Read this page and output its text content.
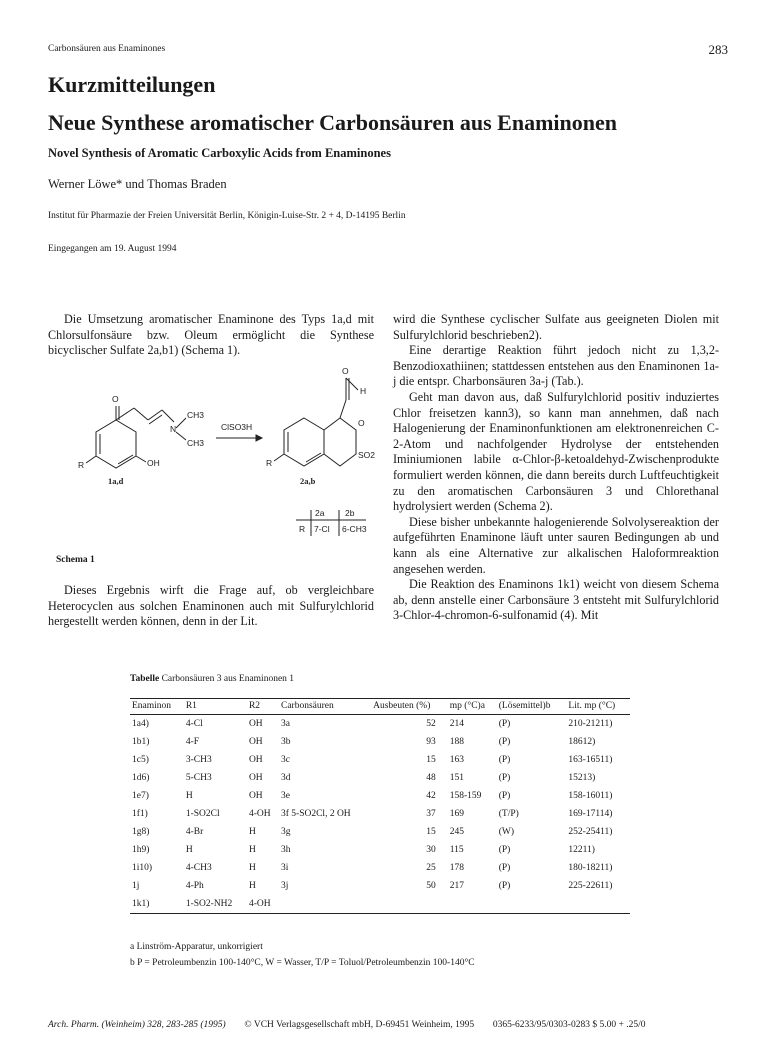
Carbonsäuren aus Enaminones	283
Kurzmitteilungen
Neue Synthese aromatischer Carbonsäuren aus Enaminonen
Novel Synthesis of Aromatic Carboxylic Acids from Enaminones
Werner Löwe* und Thomas Braden
Institut für Pharmazie der Freien Universität Berlin, Königin-Luise-Str. 2 + 4, D-14195 Berlin
Eingegangen am 19. August 1994

Die Umsetzung aromatischer Enaminone des Typs 1a,d mit Chlorsulfonsäure bzw. Oleum ermöglicht die Synthese bicyclischer Sulfate 2a,b1) (Schema 1).

O
OH
R
N
CH3
CH3
ClSO3H
O
H
O
SO2
R
2a 2b
R 7-Cl 6-CH3
1a,d	2a,b
Schema 1

Dieses Ergebnis wirft die Frage auf, ob vergleichbare Heterocyclen aus solchen Enaminonen auch mit Sulfurylchlorid hergestellt werden können, denn in der Lit.

wird die Synthese cyclischer Sulfate aus geeigneten Diolen mit Sulfurylchlorid beschrieben2).

Eine derartige Reaktion führt jedoch nicht zu 1,3,2-Benzodioxathiinen; stattdessen entstehen aus den Enaminonen 1a-j die entspr. Charbonsäuren 3a-j (Tab.).

Geht man davon aus, daß Sulfurylchlorid positiv induziertes Chlor freisetzen kann3), so kann man annehmen, daß nach Halogenierung der Enaminonfunktionen am elektronenreichen C-2-Atom und nachfolgender Hydrolyse der entstehenden Iminiumionen labile α-Chlor-β-ketoaldehyd-Zwischenprodukte formuliert werden können, die dann bereits durch Luftfeuchtigkeit zu den aromatischen Carbonsäuren 3 und Chlorethanal hydrolysiert werden (Schema 2).

Diese bisher unbekannte halogenierende Solvolysereaktion der aufgeführten Enaminone läuft unter sauren Bedingungen ab und kann als eine Alternative zur alkalischen Haloformreaktion angesehen werden.

Die Reaktion des Enaminons 1k1) weicht von diesem Schema ab, denn anstelle einer Carbonsäure 3 entsteht mit Sulfurylchlorid 3-Chlor-4-chromon-6-sulfonamid (4). Mit

Tabelle Carbonsäuren 3 aus Enaminonen 1
Enaminon	R1	R2	Carbonsäuren	Ausbeuten (%)	mp (°C)a	(Lösemittel)b	Lit. mp (°C)
1a4)	4-Cl	OH	3a	52	214	(P)	210-21211)
1b1)	4-F	OH	3b	93	188	(P)	18612)
1c5)	3-CH3	OH	3c	15	163	(P)	163-16511)
1d6)	5-CH3	OH	3d	48	151	(P)	15213)
1e7)	H	OH	3e	42	158-159	(P)	158-16011)
1f1)	1-SO2Cl	4-OH	3f 5-SO2Cl, 2 OH	37	169	(T/P)	169-17114)
1g8)	4-Br	H	3g	15	245	(W)	252-25411)
1h9)	H	H	3h	30	115	(P)	12211)
1i10)	4-CH3	H	3i	25	178	(P)	180-18211)
1j	4-Ph	H	3j	50	217	(P)	225-22611)
1k1)	1-SO2-NH2	4-OH					
a Linström-Apparatur, unkorrigiert
b P = Petroleumbenzin 100-140°C, W = Wasser, T/P = Toluol/Petroleumbenzin 100-140°C
Arch. Pharm. (Weinheim) 328, 283-285 (1995) © VCH Verlagsgesellschaft mbH, D-69451 Weinheim, 1995 0365-6233/95/0303-0283 $ 5.00 + .25/0
